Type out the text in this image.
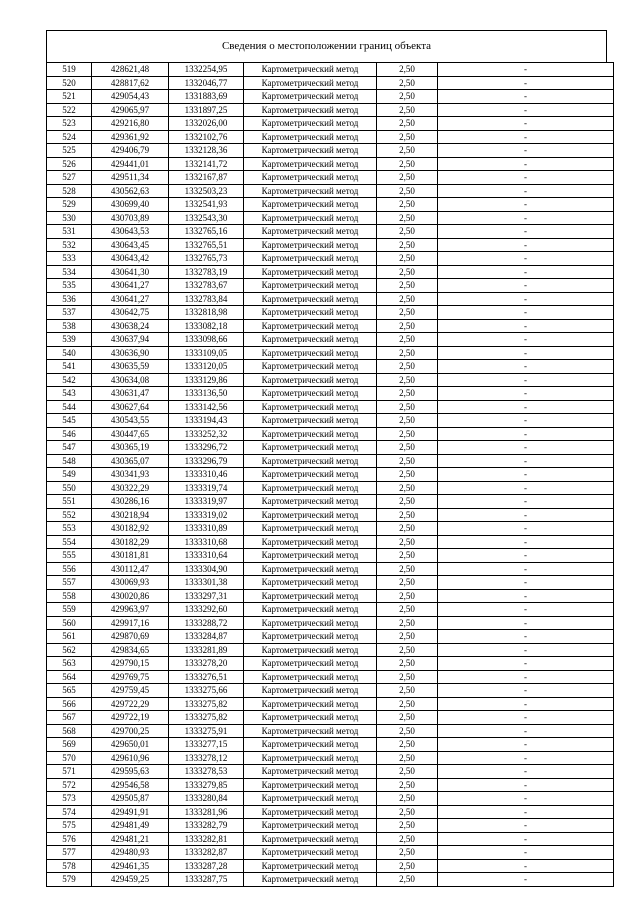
Сведения о местоположении границ объекта
519	428621,48	1332254,95	Картометрический метод	2,50	-
520	428817,62	1332046,77	Картометрический метод	2,50	-
521	429054,43	1331883,69	Картометрический метод	2,50	-
522	429065,97	1331897,25	Картометрический метод	2,50	-
523	429216,80	1332026,00	Картометрический метод	2,50	-
524	429361,92	1332102,76	Картометрический метод	2,50	-
525	429406,79	1332128,36	Картометрический метод	2,50	-
526	429441,01	1332141,72	Картометрический метод	2,50	-
527	429511,34	1332167,87	Картометрический метод	2,50	-
528	430562,63	1332503,23	Картометрический метод	2,50	-
529	430699,40	1332541,93	Картометрический метод	2,50	-
530	430703,89	1332543,30	Картометрический метод	2,50	-
531	430643,53	1332765,16	Картометрический метод	2,50	-
532	430643,45	1332765,51	Картометрический метод	2,50	-
533	430643,42	1332765,73	Картометрический метод	2,50	-
534	430641,30	1332783,19	Картометрический метод	2,50	-
535	430641,27	1332783,67	Картометрический метод	2,50	-
536	430641,27	1332783,84	Картометрический метод	2,50	-
537	430642,75	1332818,98	Картометрический метод	2,50	-
538	430638,24	1333082,18	Картометрический метод	2,50	-
539	430637,94	1333098,66	Картометрический метод	2,50	-
540	430636,90	1333109,05	Картометрический метод	2,50	-
541	430635,59	1333120,05	Картометрический метод	2,50	-
542	430634,08	1333129,86	Картометрический метод	2,50	-
543	430631,47	1333136,50	Картометрический метод	2,50	-
544	430627,64	1333142,56	Картометрический метод	2,50	-
545	430543,55	1333194,43	Картометрический метод	2,50	-
546	430447,65	1333252,32	Картометрический метод	2,50	-
547	430365,19	1333296,72	Картометрический метод	2,50	-
548	430365,07	1333296,79	Картометрический метод	2,50	-
549	430341,93	1333310,46	Картометрический метод	2,50	-
550	430322,29	1333319,74	Картометрический метод	2,50	-
551	430286,16	1333319,97	Картометрический метод	2,50	-
552	430218,94	1333319,02	Картометрический метод	2,50	-
553	430182,92	1333310,89	Картометрический метод	2,50	-
554	430182,29	1333310,68	Картометрический метод	2,50	-
555	430181,81	1333310,64	Картометрический метод	2,50	-
556	430112,47	1333304,90	Картометрический метод	2,50	-
557	430069,93	1333301,38	Картометрический метод	2,50	-
558	430020,86	1333297,31	Картометрический метод	2,50	-
559	429963,97	1333292,60	Картометрический метод	2,50	-
560	429917,16	1333288,72	Картометрический метод	2,50	-
561	429870,69	1333284,87	Картометрический метод	2,50	-
562	429834,65	1333281,89	Картометрический метод	2,50	-
563	429790,15	1333278,20	Картометрический метод	2,50	-
564	429769,75	1333276,51	Картометрический метод	2,50	-
565	429759,45	1333275,66	Картометрический метод	2,50	-
566	429722,29	1333275,82	Картометрический метод	2,50	-
567	429722,19	1333275,82	Картометрический метод	2,50	-
568	429700,25	1333275,91	Картометрический метод	2,50	-
569	429650,01	1333277,15	Картометрический метод	2,50	-
570	429610,96	1333278,12	Картометрический метод	2,50	-
571	429595,63	1333278,53	Картометрический метод	2,50	-
572	429546,58	1333279,85	Картометрический метод	2,50	-
573	429505,87	1333280,84	Картометрический метод	2,50	-
574	429491,91	1333281,96	Картометрический метод	2,50	-
575	429481,49	1333282,79	Картометрический метод	2,50	-
576	429481,21	1333282,81	Картометрический метод	2,50	-
577	429480,93	1333282,87	Картометрический метод	2,50	-
578	429461,35	1333287,28	Картометрический метод	2,50	-
579	429459,25	1333287,75	Картометрический метод	2,50	-
